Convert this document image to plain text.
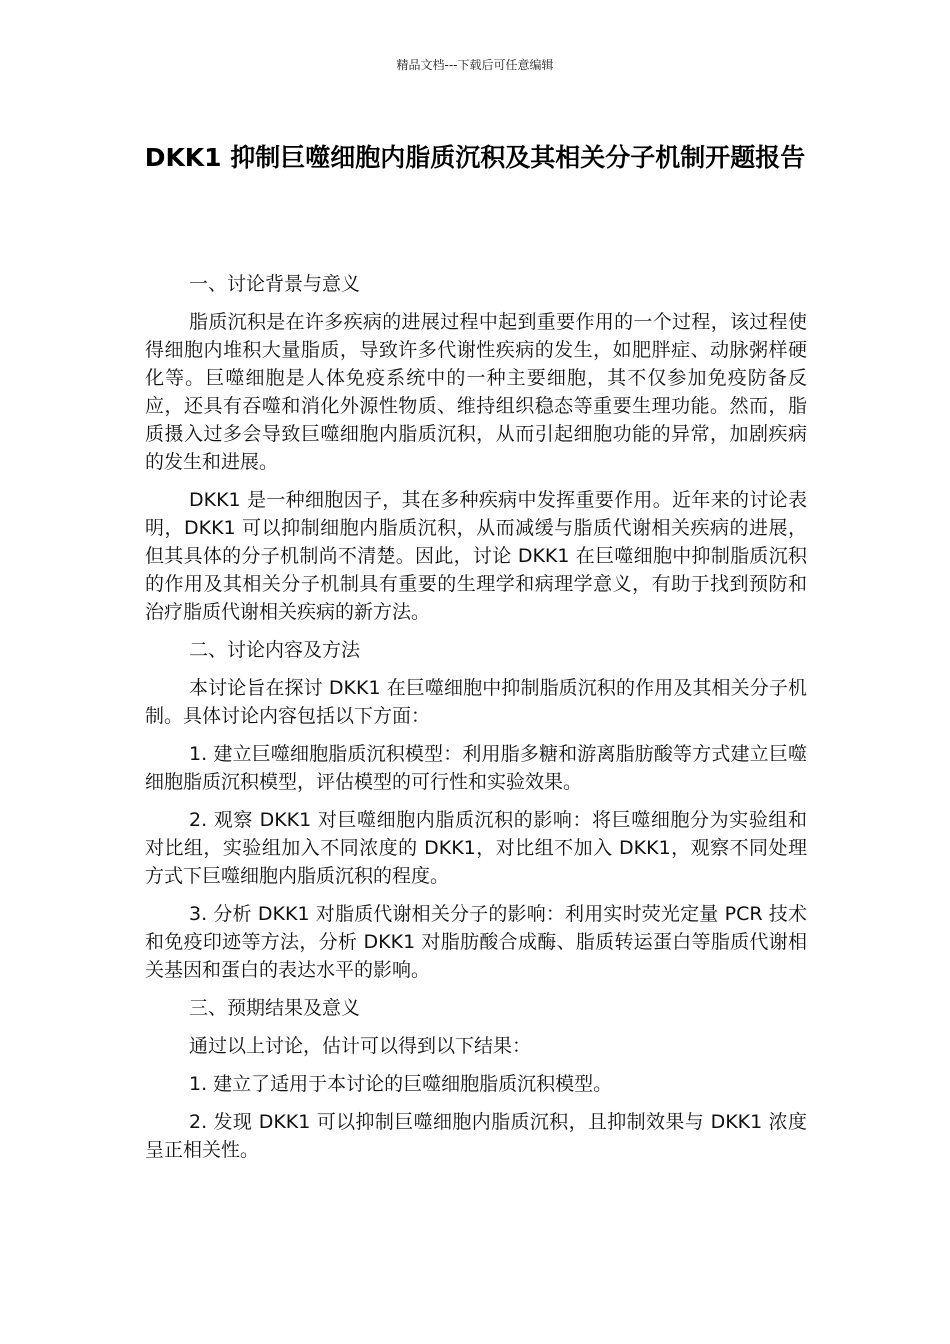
精品文档---下载后可任意编辑
DKK1 抑制巨噬细胞内脂质沉积及其相关分子机制开题报告

一、讨论背景与意义

脂质沉积是在许多疾病的进展过程中起到重要作用的一个过程，该过程使得细胞内堆积大量脂质，导致许多代谢性疾病的发生，如肥胖症、动脉粥样硬化等。巨噬细胞是人体免疫系统中的一种主要细胞，其不仅参加免疫防备反应，还具有吞噬和消化外源性物质、维持组织稳态等重要生理功能。然而，脂质摄入过多会导致巨噬细胞内脂质沉积，从而引起细胞功能的异常，加剧疾病的发生和进展。

DKK1 是一种细胞因子，其在多种疾病中发挥重要作用。近年来的讨论表明，DKK1 可以抑制细胞内脂质沉积，从而减缓与脂质代谢相关疾病的进展，但其具体的分子机制尚不清楚。因此，讨论 DKK1 在巨噬细胞中抑制脂质沉积的作用及其相关分子机制具有重要的生理学和病理学意义，有助于找到预防和治疗脂质代谢相关疾病的新方法。

二、讨论内容及方法

本讨论旨在探讨 DKK1 在巨噬细胞中抑制脂质沉积的作用及其相关分子机制。具体讨论内容包括以下方面：

1. 建立巨噬细胞脂质沉积模型：利用脂多糖和游离脂肪酸等方式建立巨噬细胞脂质沉积模型，评估模型的可行性和实验效果。

2. 观察 DKK1 对巨噬细胞内脂质沉积的影响：将巨噬细胞分为实验组和对比组，实验组加入不同浓度的 DKK1，对比组不加入 DKK1，观察不同处理方式下巨噬细胞内脂质沉积的程度。

3. 分析 DKK1 对脂质代谢相关分子的影响：利用实时荧光定量 PCR 技术和免疫印迹等方法，分析 DKK1 对脂肪酸合成酶、脂质转运蛋白等脂质代谢相关基因和蛋白的表达水平的影响。

三、预期结果及意义

通过以上讨论，估计可以得到以下结果：

1. 建立了适用于本讨论的巨噬细胞脂质沉积模型。

2. 发现 DKK1 可以抑制巨噬细胞内脂质沉积，且抑制效果与 DKK1 浓度呈正相关性。
